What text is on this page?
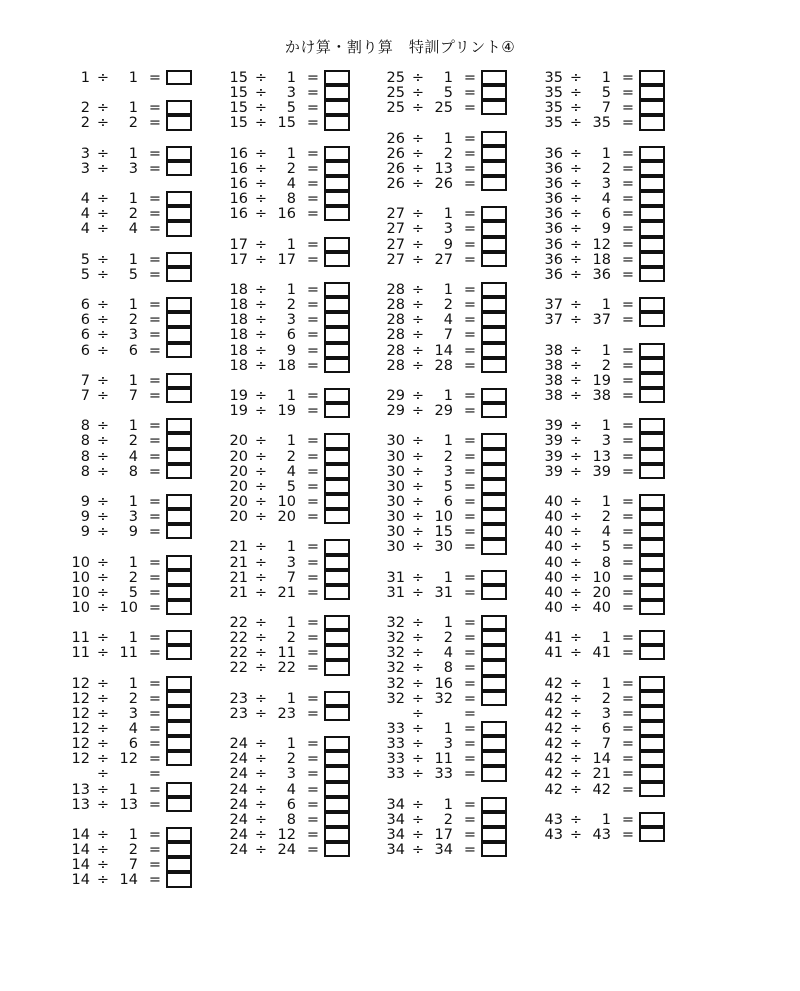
かけ算・割り算　特訓プリント④
1 ÷	1 =
2 ÷	1 =
2 ÷	2 =
3 ÷	1 =
3 ÷	3 =
4 ÷	1 =
4 ÷	2 =
4 ÷	4 =
5 ÷	1 =
5 ÷	5 =
6 ÷	1 =
6 ÷	2 =
6 ÷	3 =
6 ÷	6 =
7 ÷	1 =
7 ÷	7 =
8 ÷	1 =
8 ÷	2 =
8 ÷	4 =
8 ÷	8 =
9 ÷	1 =
9 ÷	3 =
9 ÷	9 =
10 ÷	1 =
10 ÷	2 =
10 ÷	5 =
10 ÷ 10 =
11 ÷	1 =
11 ÷ 11 =
12 ÷	1 =
12 ÷	2 =
12 ÷	3 =
12 ÷	4 =
12 ÷	6 =
12 ÷ 12 =
÷	=
13 ÷	1 =
13 ÷ 13 =
14 ÷	1 =
14 ÷	2 =
14 ÷	7 =
14 ÷ 14 =
15 ÷	1 =
15 ÷	3 =
15 ÷	5 =
15 ÷ 15 =
16 ÷	1 =
16 ÷	2 =
16 ÷	4 =
16 ÷	8 =
16 ÷ 16 =
17 ÷	1 =
17 ÷ 17 =
18 ÷	1 =
18 ÷	2 =
18 ÷	3 =
18 ÷	6 =
18 ÷	9 =
18 ÷ 18 =
19 ÷	1 =
19 ÷ 19 =
20 ÷	1 =
20 ÷	2 =
20 ÷	4 =
20 ÷	5 =
20 ÷ 10 =
20 ÷ 20 =
21 ÷	1 =
21 ÷	3 =
21 ÷	7 =
21 ÷ 21 =
22 ÷	1 =
22 ÷	2 =
22 ÷ 11 =
22 ÷ 22 =
23 ÷	1 =
23 ÷ 23 =
24 ÷	1 =
24 ÷	2 =
24 ÷	3 =
24 ÷	4 =
24 ÷	6 =
24 ÷	8 =
24 ÷ 12 =
24 ÷ 24 =
25 ÷	1 =
25 ÷	5 =
25 ÷ 25 =
26 ÷	1 =
26 ÷	2 =
26 ÷ 13 =
26 ÷ 26 =
27 ÷	1 =
27 ÷	3 =
27 ÷	9 =
27 ÷ 27 =
28 ÷	1 =
28 ÷	2 =
28 ÷	4 =
28 ÷	7 =
28 ÷ 14 =
28 ÷ 28 =
29 ÷	1 =
29 ÷ 29 =
30 ÷	1 =
30 ÷	2 =
30 ÷	3 =
30 ÷	5 =
30 ÷	6 =
30 ÷ 10 =
30 ÷ 15 =
30 ÷ 30 =
31 ÷	1 =
31 ÷ 31 =
32 ÷	1 =
32 ÷	2 =
32 ÷	4 =
32 ÷	8 =
32 ÷ 16 =
32 ÷ 32 =
÷	=
33 ÷	1 =
33 ÷	3 =
33 ÷ 11 =
33 ÷ 33 =
34 ÷	1 =
34 ÷	2 =
34 ÷ 17 =
34 ÷ 34 =
35 ÷	1 =
35 ÷	5 =
35 ÷	7 =
35 ÷ 35 =
36 ÷	1 =
36 ÷	2 =
36 ÷	3 =
36 ÷	4 =
36 ÷	6 =
36 ÷	9 =
36 ÷ 12 =
36 ÷ 18 =
36 ÷ 36 =
37 ÷	1 =
37 ÷ 37 =
38 ÷	1 =
38 ÷	2 =
38 ÷ 19 =
38 ÷ 38 =
39 ÷	1 =
39 ÷	3 =
39 ÷ 13 =
39 ÷ 39 =
40 ÷	1 =
40 ÷	2 =
40 ÷	4 =
40 ÷	5 =
40 ÷	8 =
40 ÷ 10 =
40 ÷ 20 =
40 ÷ 40 =
41 ÷	1 =
41 ÷ 41 =
42 ÷	1 =
42 ÷	2 =
42 ÷	3 =
42 ÷	6 =
42 ÷	7 =
42 ÷ 14 =
42 ÷ 21 =
42 ÷ 42 =
43 ÷	1 =
43 ÷ 43 =
